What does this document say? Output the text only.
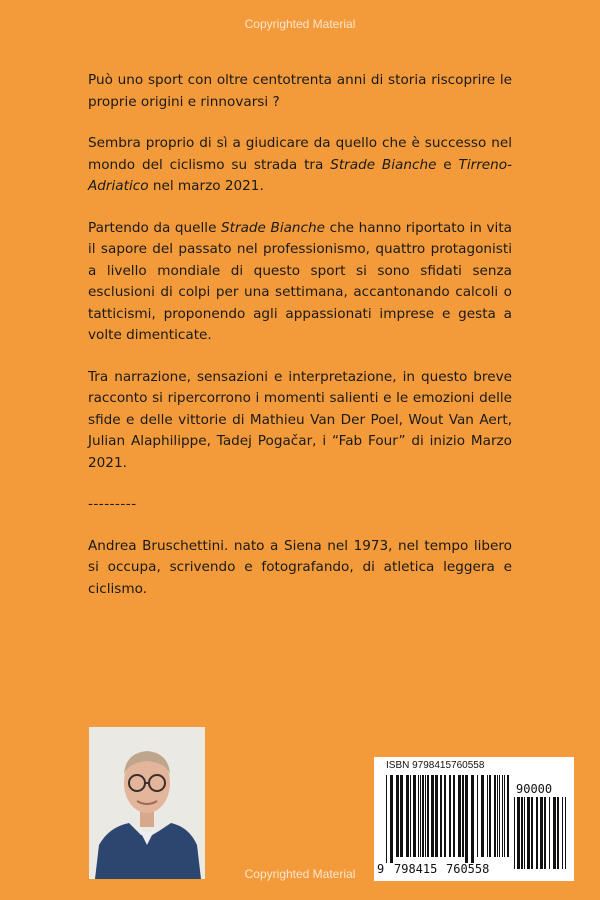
Copyrighted Material

Può uno sport con oltre centotrenta anni di storia riscoprire le proprie origini e rinnovarsi ?

Sembra proprio di sì a giudicare da quello che è successo nel mondo del ciclismo su strada tra Strade Bianche e Tirreno-Adriatico nel marzo 2021.

Partendo da quelle Strade Bianche che hanno riportato in vita il sapore del passato nel professionismo, quattro protagonisti a livello mondiale di questo sport si sono sfidati senza esclusioni di colpi per una settimana, accantonando calcoli o tatticismi, proponendo agli appassionati imprese e gesta a volte dimenticate.

Tra narrazione, sensazioni e interpretazione, in questo breve racconto si ripercorrono i momenti salienti e le emozioni delle sfide e delle vittorie di Mathieu Van Der Poel, Wout Van Aert, Julian Alaphilippe, Tadej Pogačar, i “Fab Four” di inizio Marzo 2021.

---------

Andrea Bruschettini. nato a Siena nel 1973, nel tempo libero si occupa, scrivendo e fotografando, di atletica leggera e ciclismo.

ISBN 9798415760558
90000
9 798415 760558
Copyrighted Material
